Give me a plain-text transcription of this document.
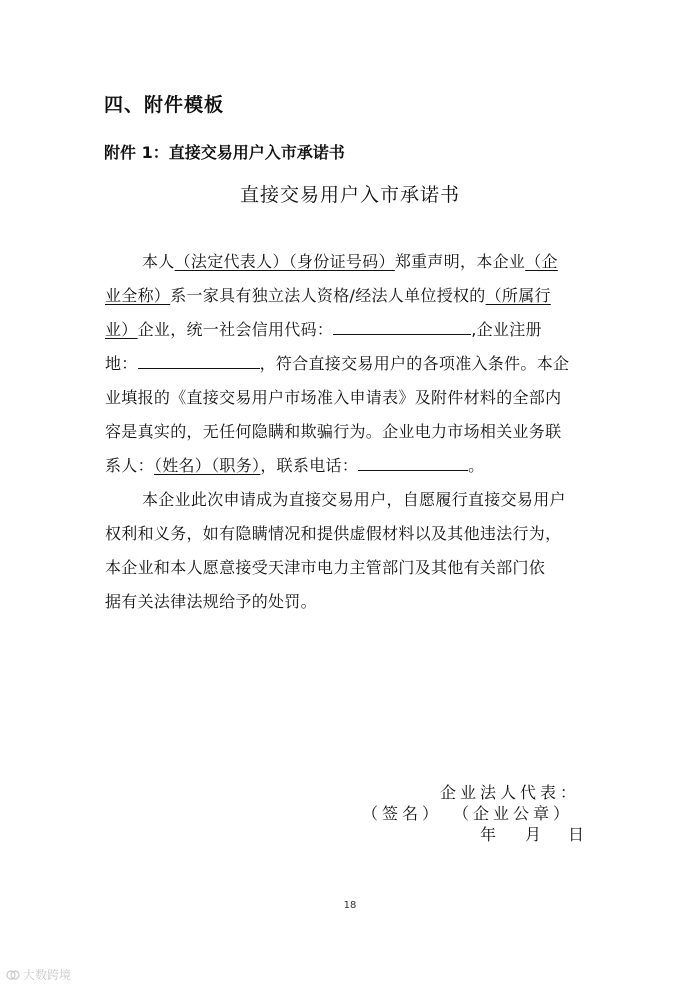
四、附件模板
附件 1：直接交易用户入市承诺书
直接交易用户入市承诺书
本人（法定代表人）（身份证号码）郑重声明，本企业（企
业全称）系一家具有独立法人资格/经法人单位授权的（所属行
业）企业，统一社会信用代码：	,企业注册
地：	，符合直接交易用户的各项准入条件。本企
业填报的《直接交易用户市场准入申请表》及附件材料的全部内
容是真实的，无任何隐瞒和欺骗行为。企业电力市场相关业务联
系人：（姓名）（职务），联系电话：	。
本企业此次申请成为直接交易用户，自愿履行直接交易用户
权利和义务，如有隐瞒情况和提供虚假材料以及其他违法行为，
本企业和本人愿意接受天津市电力主管部门及其他有关部门依
据有关法律法规给予的处罚。
企业法人代表：
（签名） （企业公章）
年 月 日
18
大数跨境
